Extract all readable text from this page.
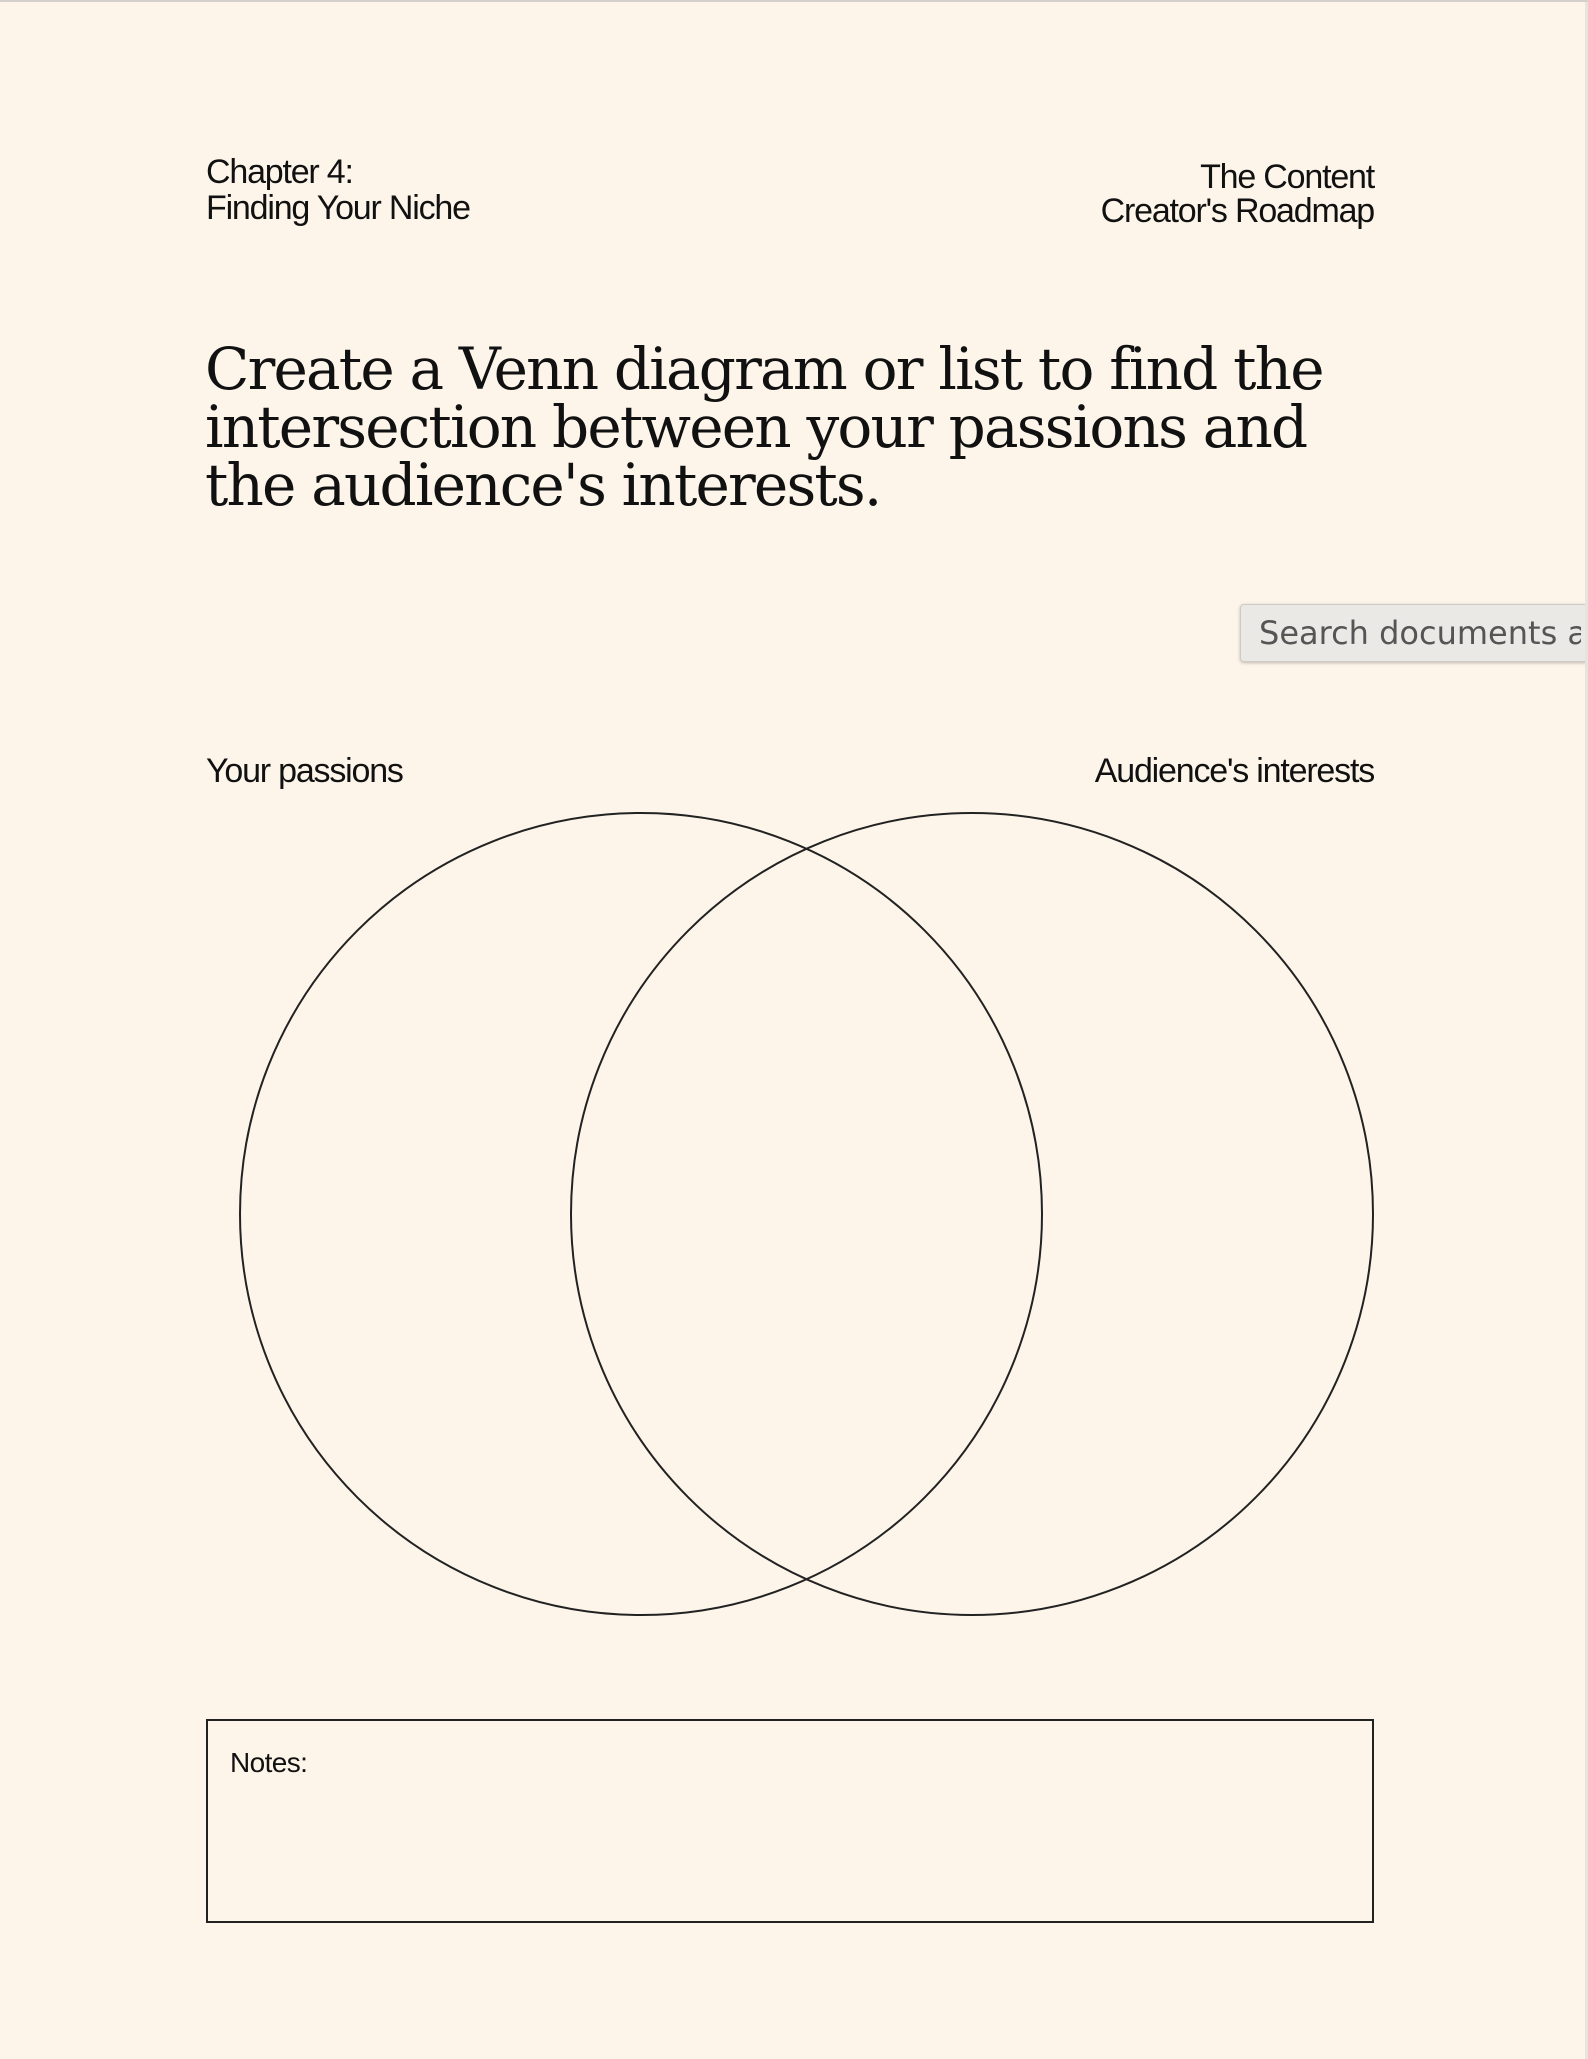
Chapter 4:
Finding Your Niche
The Content
Creator's Roadmap
Create a Venn diagram or list to find the intersection between your passions and the audience's interests.
Search documents and more
Your passions	Audience's interests
Notes:
